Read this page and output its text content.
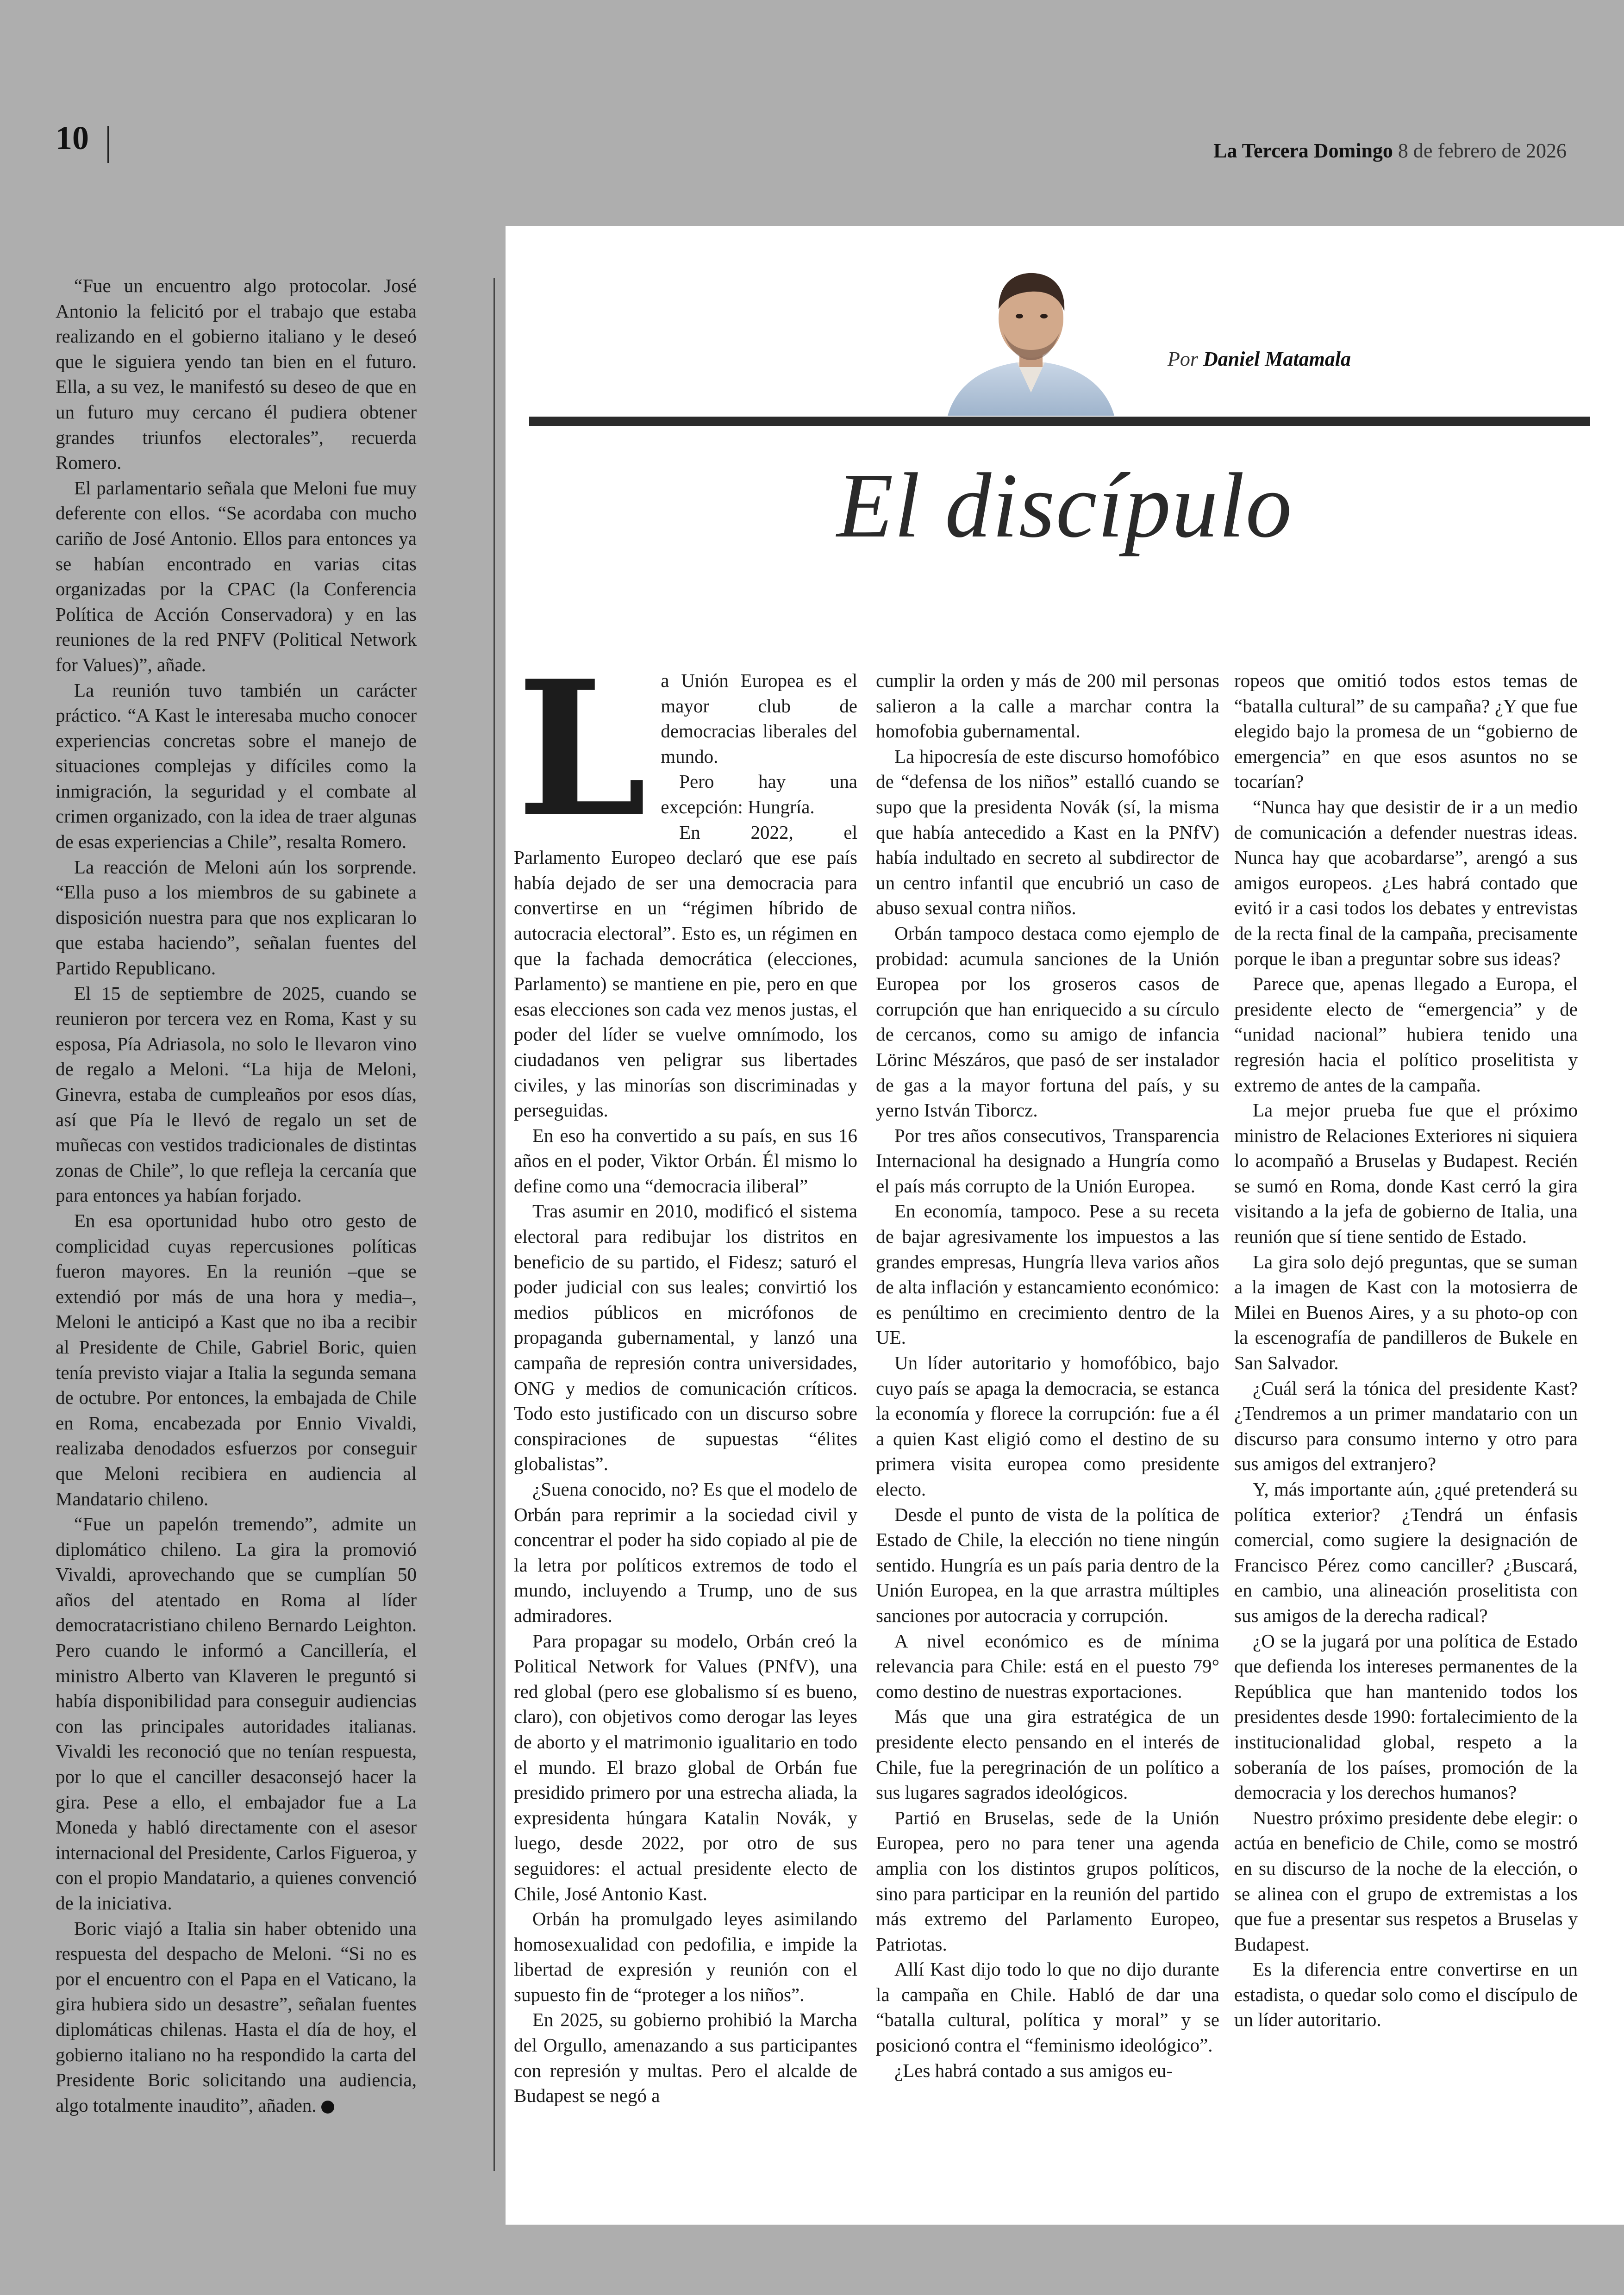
10	La Tercera Domingo 8 de febrero de 2026

“Fue un encuentro algo protocolar. José Antonio la felicitó por el trabajo que estaba realizando en el gobierno italiano y le deseó que le siguiera yendo tan bien en el futuro. Ella, a su vez, le manifestó su deseo de que en un futuro muy cercano él pudiera obtener grandes triunfos electorales”, recuerda Romero.

El parlamentario señala que Meloni fue muy deferente con ellos. “Se acordaba con mucho cariño de José Antonio. Ellos para entonces ya se habían encontrado en varias citas organizadas por la CPAC (la Conferencia Política de Acción Conservadora) y en las reuniones de la red PNFV (Political Network for Values)”, añade.

La reunión tuvo también un carácter práctico. “A Kast le interesaba mucho conocer experiencias concretas sobre el manejo de situaciones complejas y difíciles como la inmigración, la seguridad y el combate al crimen organizado, con la idea de traer algunas de esas experiencias a Chile”, resalta Romero.

La reacción de Meloni aún los sorprende. “Ella puso a los miembros de su gabinete a disposición nuestra para que nos explicaran lo que estaba haciendo”, señalan fuentes del Partido Republicano.

El 15 de septiembre de 2025, cuando se reunieron por tercera vez en Roma, Kast y su esposa, Pía Adriasola, no solo le llevaron vino de regalo a Meloni. “La hija de Meloni, Ginevra, estaba de cumpleaños por esos días, así que Pía le llevó de regalo un set de muñecas con vestidos tradicionales de distintas zonas de Chile”, lo que refleja la cercanía que para entonces ya habían forjado.

En esa oportunidad hubo otro gesto de complicidad cuyas repercusiones políticas fueron mayores. En la reunión –que se extendió por más de una hora y media–, Meloni le anticipó a Kast que no iba a recibir al Presidente de Chile, Gabriel Boric, quien tenía previsto viajar a Italia la segunda semana de octubre. Por entonces, la embajada de Chile en Roma, encabezada por Ennio Vivaldi, realizaba denodados esfuerzos por conseguir que Meloni recibiera en audiencia al Mandatario chileno.

“Fue un papelón tremendo”, admite un diplomático chileno. La gira la promovió Vivaldi, aprovechando que se cumplían 50 años del atentado en Roma al líder democratacristiano chileno Bernardo Leighton. Pero cuando le informó a Cancillería, el ministro Alberto van Klaveren le preguntó si había disponibilidad para conseguir audiencias con las principales autoridades italianas. Vivaldi les reconoció que no tenían respuesta, por lo que el canciller desaconsejó hacer la gira. Pese a ello, el embajador fue a La Moneda y habló directamente con el asesor internacional del Presidente, Carlos Figueroa, y con el propio Mandatario, a quienes convenció de la iniciativa.

Boric viajó a Italia sin haber obtenido una respuesta del despacho de Meloni. “Si no es por el encuentro con el Papa en el Vaticano, la gira hubiera sido un desastre”, señalan fuentes diplomáticas chilenas. Hasta el día de hoy, el gobierno italiano no ha respondido la carta del Presidente Boric solicitando una audiencia, algo totalmente inaudito”, añaden.

Por Daniel Matamala
El discípulo
L a Unión Europea es el mayor club de democracias liberales del mundo.

Pero hay una excepción: Hungría.

En 2022, el Parlamento Europeo declaró que ese país había dejado de ser una democracia para convertirse en un “régimen híbrido de autocracia electoral”. Esto es, un régimen en que la fachada democrática (elecciones, Parlamento) se mantiene en pie, pero en que esas elecciones son cada vez menos justas, el poder del líder se vuelve omnímodo, los ciudadanos ven peligrar sus libertades civiles, y las minorías son discriminadas y perseguidas.

En eso ha convertido a su país, en sus 16 años en el poder, Viktor Orbán. Él mismo lo define como una “democracia iliberal”

Tras asumir en 2010, modificó el sistema electoral para redibujar los distritos en beneficio de su partido, el Fidesz; saturó el poder judicial con sus leales; convirtió los medios públicos en micrófonos de propaganda gubernamental, y lanzó una campaña de represión contra universidades, ONG y medios de comunicación críticos. Todo esto justificado con un discurso sobre conspiraciones de supuestas “élites globalistas”.

¿Suena conocido, no? Es que el modelo de Orbán para reprimir a la sociedad civil y concentrar el poder ha sido copiado al pie de la letra por políticos extremos de todo el mundo, incluyendo a Trump, uno de sus admiradores.

Para propagar su modelo, Orbán creó la Political Network for Values (PNfV), una red global (pero ese globalismo sí es bueno, claro), con objetivos como derogar las leyes de aborto y el matrimonio igualitario en todo el mundo. El brazo global de Orbán fue presidido primero por una estrecha aliada, la expresidenta húngara Katalin Novák, y luego, desde 2022, por otro de sus seguidores: el actual presidente electo de Chile, José Antonio Kast.

Orbán ha promulgado leyes asimilando homosexualidad con pedofilia, e impide la libertad de expresión y reunión con el supuesto fin de “proteger a los niños”.

En 2025, su gobierno prohibió la Marcha del Orgullo, amenazando a sus participantes con represión y multas. Pero el alcalde de Budapest se negó a

cumplir la orden y más de 200 mil personas salieron a la calle a marchar contra la homofobia gubernamental.

La hipocresía de este discurso homofóbico de “defensa de los niños” estalló cuando se supo que la presidenta Novák (sí, la misma que había antecedido a Kast en la PNfV) había indultado en secreto al subdirector de un centro infantil que encubrió un caso de abuso sexual contra niños.

Orbán tampoco destaca como ejemplo de probidad: acumula sanciones de la Unión Europea por los groseros casos de corrupción que han enriquecido a su círculo de cercanos, como su amigo de infancia Lörinc Mészáros, que pasó de ser instalador de gas a la mayor fortuna del país, y su yerno István Tiborcz.

Por tres años consecutivos, Transparencia Internacional ha designado a Hungría como el país más corrupto de la Unión Europea.

En economía, tampoco. Pese a su receta de bajar agresivamente los impuestos a las grandes empresas, Hungría lleva varios años de alta inflación y estancamiento económico: es penúltimo en crecimiento dentro de la UE.

Un líder autoritario y homofóbico, bajo cuyo país se apaga la democracia, se estanca la economía y florece la corrupción: fue a él a quien Kast eligió como el destino de su primera visita europea como presidente electo.

Desde el punto de vista de la política de Estado de Chile, la elección no tiene ningún sentido. Hungría es un país paria dentro de la Unión Europea, en la que arrastra múltiples sanciones por autocracia y corrupción.

A nivel económico es de mínima relevancia para Chile: está en el puesto 79° como destino de nuestras exportaciones.

Más que una gira estratégica de un presidente electo pensando en el interés de Chile, fue la peregrinación de un político a sus lugares sagrados ideológicos.

Partió en Bruselas, sede de la Unión Europea, pero no para tener una agenda amplia con los distintos grupos políticos, sino para participar en la reunión del partido más extremo del Parlamento Europeo, Patriotas.

Allí Kast dijo todo lo que no dijo durante la campaña en Chile. Habló de dar una “batalla cultural, política y moral” y se posicionó contra el “feminismo ideológico”.

¿Les habrá contado a sus amigos eu-

ropeos que omitió todos estos temas de “batalla cultural” de su campaña? ¿Y que fue elegido bajo la promesa de un “gobierno de emergencia” en que esos asuntos no se tocarían?

“Nunca hay que desistir de ir a un medio de comunicación a defender nuestras ideas. Nunca hay que acobardarse”, arengó a sus amigos europeos. ¿Les habrá contado que evitó ir a casi todos los debates y entrevistas de la recta final de la campaña, precisamente porque le iban a preguntar sobre sus ideas?

Parece que, apenas llegado a Europa, el presidente electo de “emergencia” y de “unidad nacional” hubiera tenido una regresión hacia el político proselitista y extremo de antes de la campaña.

La mejor prueba fue que el próximo ministro de Relaciones Exteriores ni siquiera lo acompañó a Bruselas y Budapest. Recién se sumó en Roma, donde Kast cerró la gira visitando a la jefa de gobierno de Italia, una reunión que sí tiene sentido de Estado.

La gira solo dejó preguntas, que se suman a la imagen de Kast con la motosierra de Milei en Buenos Aires, y a su photo-op con la escenografía de pandilleros de Bukele en San Salvador.

¿Cuál será la tónica del presidente Kast? ¿Tendremos a un primer mandatario con un discurso para consumo interno y otro para sus amigos del extranjero?

Y, más importante aún, ¿qué pretenderá su política exterior? ¿Tendrá un énfasis comercial, como sugiere la designación de Francisco Pérez como canciller? ¿Buscará, en cambio, una alineación proselitista con sus amigos de la derecha radical?

¿O se la jugará por una política de Estado que defienda los intereses permanentes de la República que han mantenido todos los presidentes desde 1990: fortalecimiento de la institucionalidad global, respeto a la soberanía de los países, promoción de la democracia y los derechos humanos?

Nuestro próximo presidente debe elegir: o actúa en beneficio de Chile, como se mostró en su discurso de la noche de la elección, o se alinea con el grupo de extremistas a los que fue a presentar sus respetos a Bruselas y Budapest.

Es la diferencia entre convertirse en un estadista, o quedar solo como el discípulo de un líder autoritario.
